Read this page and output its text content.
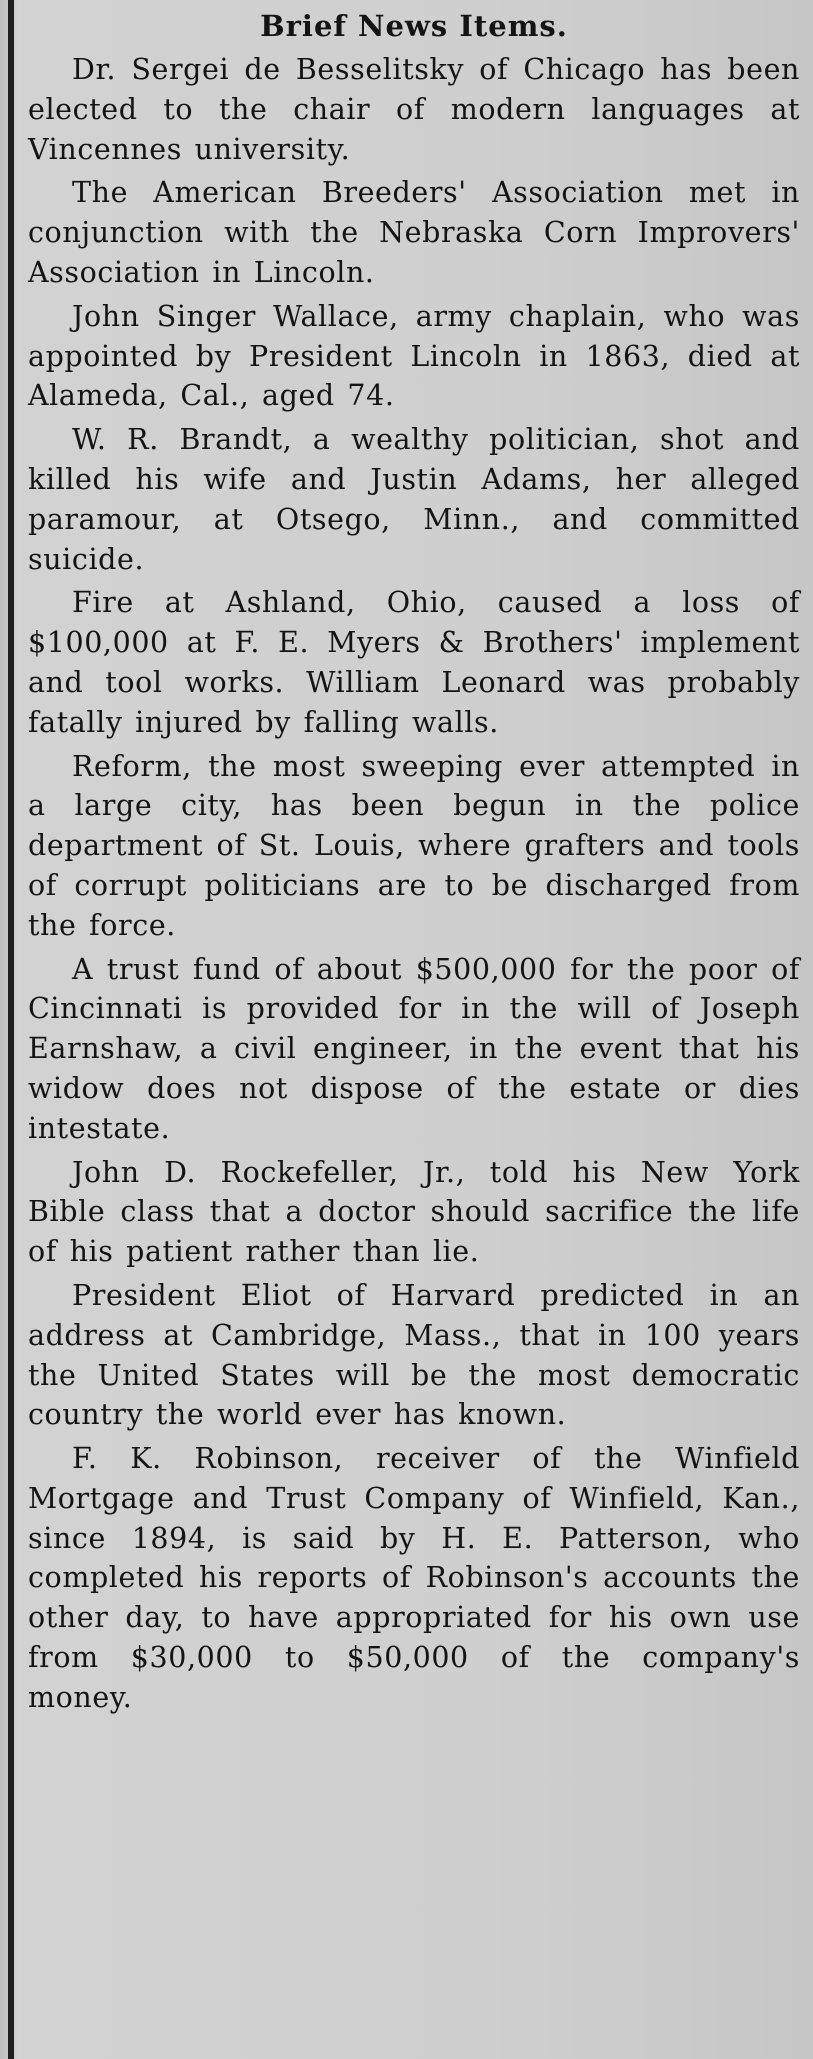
Brief News Items.

Dr. Sergei de Besselitsky of Chicago has been elected to the chair of modern languages at Vincennes university.

The American Breeders' Association met in conjunction with the Nebraska Corn Improvers' Association in Lincoln.

John Singer Wallace, army chaplain, who was appointed by President Lincoln in 1863, died at Alameda, Cal., aged 74.

W. R. Brandt, a wealthy politician, shot and killed his wife and Justin Adams, her alleged paramour, at Otsego, Minn., and committed suicide.

Fire at Ashland, Ohio, caused a loss of $100,000 at F. E. Myers & Brothers' implement and tool works. William Leonard was probably fatally injured by falling walls.

Reform, the most sweeping ever attempted in a large city, has been begun in the police department of St. Louis, where grafters and tools of corrupt politicians are to be discharged from the force.

A trust fund of about $500,000 for the poor of Cincinnati is provided for in the will of Joseph Earnshaw, a civil engineer, in the event that his widow does not dispose of the estate or dies intestate.

John D. Rockefeller, Jr., told his New York Bible class that a doctor should sacrifice the life of his patient rather than lie.

President Eliot of Harvard predicted in an address at Cambridge, Mass., that in 100 years the United States will be the most democratic country the world ever has known.

F. K. Robinson, receiver of the Winfield Mortgage and Trust Company of Winfield, Kan., since 1894, is said by H. E. Patterson, who completed his reports of Robinson's accounts the other day, to have appropriated for his own use from $30,000 to $50,000 of the company's money.
